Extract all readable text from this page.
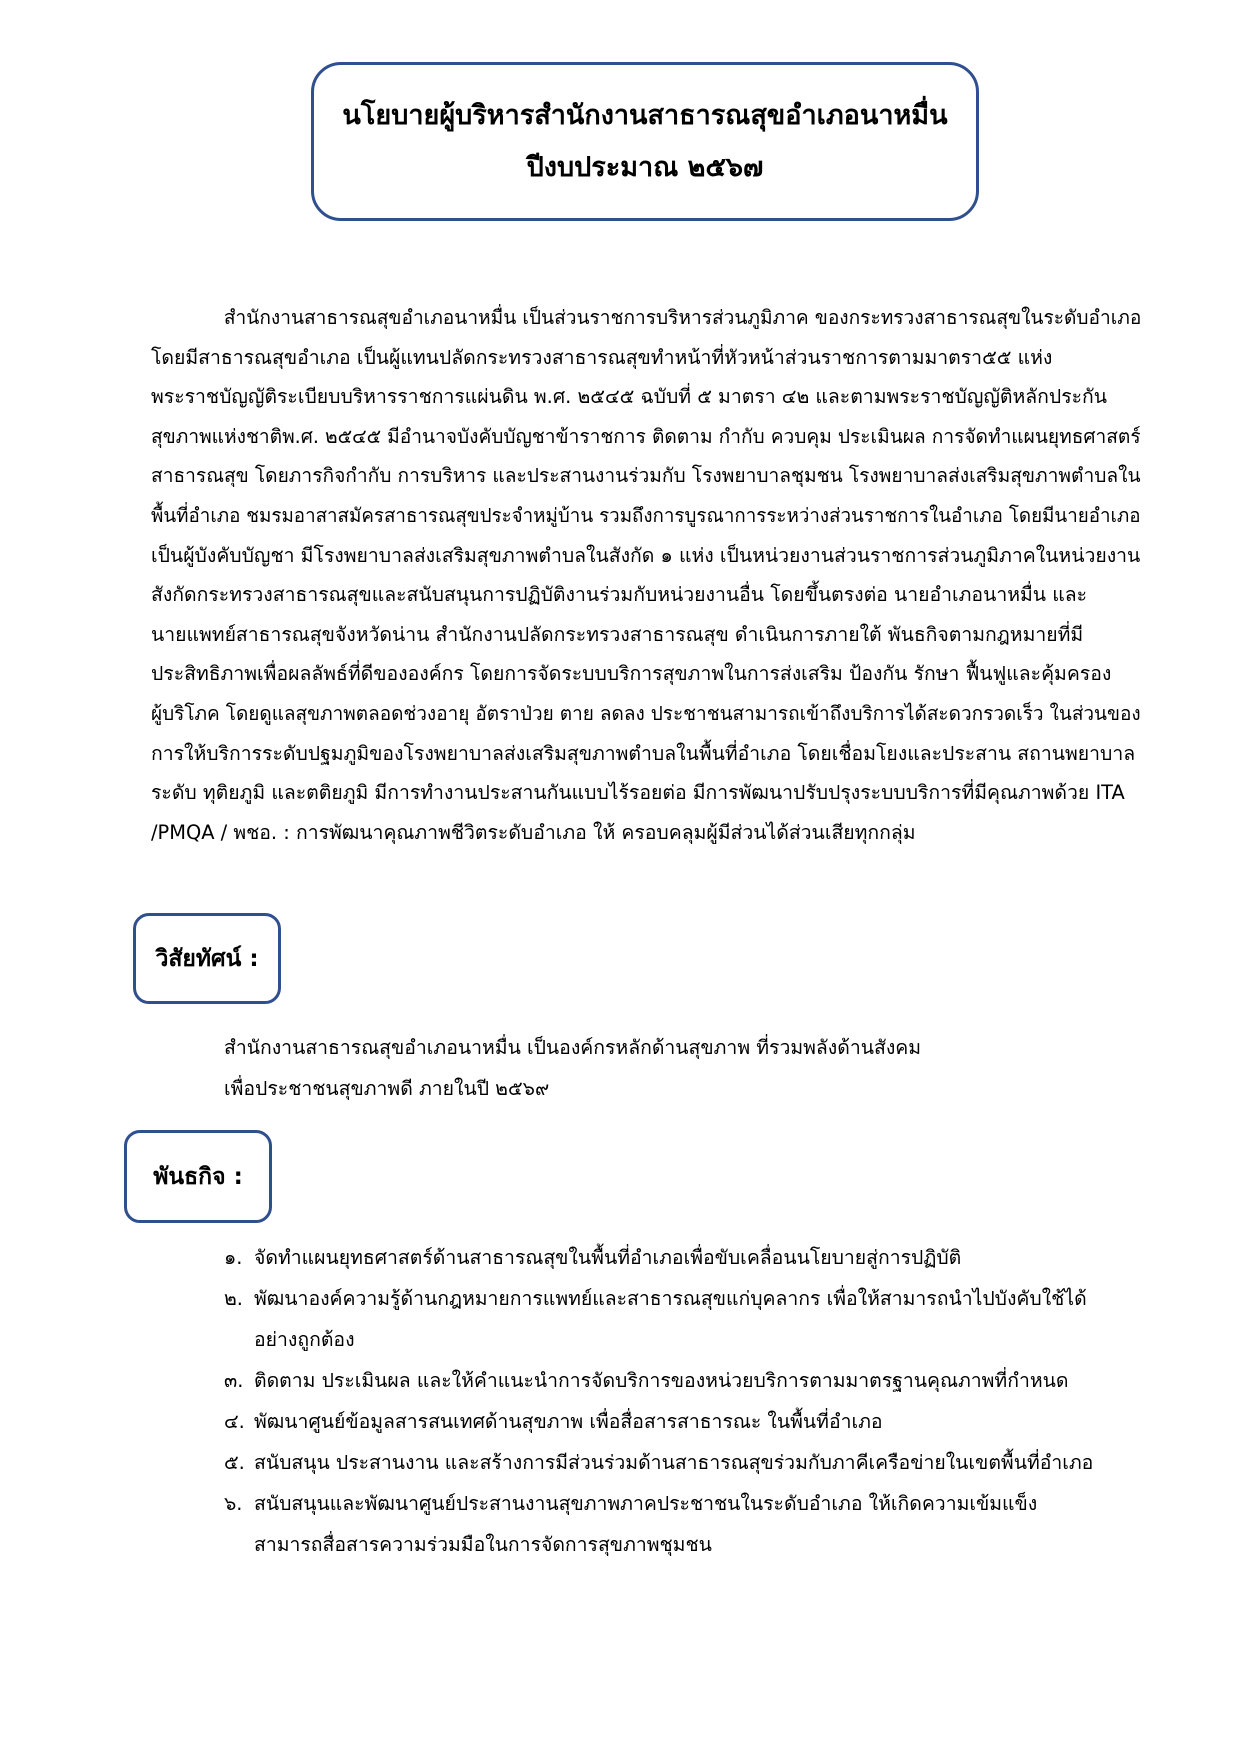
นโยบายผู้บริหารสำนักงานสาธารณสุขอำเภอนาหมื่น
ปีงบประมาณ ๒๕๖๗

สำนักงานสาธารณสุขอำเภอนาหมื่น เป็นส่วนราชการบริหารส่วนภูมิภาค ของกระทรวงสาธารณสุขในระดับอำเภอ
โดยมีสาธารณสุขอำเภอ เป็นผู้แทนปลัดกระทรวงสาธารณสุขทำหน้าที่หัวหน้าส่วนราชการตามมาตรา๕๕ แห่ง
พระราชบัญญัติระเบียบบริหารราชการแผ่นดิน พ.ศ. ๒๕๔๕ ฉบับที่ ๕ มาตรา ๔๒ และตามพระราชบัญญัติหลักประกัน
สุขภาพแห่งชาติพ.ศ. ๒๕๔๕ มีอำนาจบังคับบัญชาข้าราชการ ติดตาม กำกับ ควบคุม ประเมินผล การจัดทำแผนยุทธศาสตร์
สาธารณสุข โดยภารกิจกำกับ การบริหาร และประสานงานร่วมกับ โรงพยาบาลชุมชน โรงพยาบาลส่งเสริมสุขภาพตำบลใน
พื้นที่อำเภอ ชมรมอาสาสมัครสาธารณสุขประจำหมู่บ้าน รวมถึงการบูรณาการระหว่างส่วนราชการในอำเภอ โดยมีนายอำเภอ
เป็นผู้บังคับบัญชา มีโรงพยาบาลส่งเสริมสุขภาพตำบลในสังกัด ๑ แห่ง เป็นหน่วยงานส่วนราชการส่วนภูมิภาคในหน่วยงาน
สังกัดกระทรวงสาธารณสุขและสนับสนุนการปฏิบัติงานร่วมกับหน่วยงานอื่น โดยขึ้นตรงต่อ นายอำเภอนาหมื่น และ
นายแพทย์สาธารณสุขจังหวัดน่าน สำนักงานปลัดกระทรวงสาธารณสุข ดำเนินการภายใต้ พันธกิจตามกฎหมายที่มี
ประสิทธิภาพเพื่อผลลัพธ์ที่ดีขององค์กร โดยการจัดระบบบริการสุขภาพในการส่งเสริม ป้องกัน รักษา ฟื้นฟูและคุ้มครอง
ผู้บริโภค โดยดูแลสุขภาพตลอดช่วงอายุ อัตราป่วย ตาย ลดลง ประชาชนสามารถเข้าถึงบริการได้สะดวกรวดเร็ว ในส่วนของ
การให้บริการระดับปฐมภูมิของโรงพยาบาลส่งเสริมสุขภาพตำบลในพื้นที่อำเภอ โดยเชื่อมโยงและประสาน สถานพยาบาล
ระดับ ทุติยภูมิ และตติยภูมิ มีการทำงานประสานกันแบบไร้รอยต่อ มีการพัฒนาปรับปรุงระบบบริการที่มีคุณภาพด้วย ITA
/PMQA / พชอ. : การพัฒนาคุณภาพชีวิตระดับอำเภอ ให้ ครอบคลุมผู้มีส่วนได้ส่วนเสียทุกกลุ่ม

วิสัยทัศน์ :
สำนักงานสาธารณสุขอำเภอนาหมื่น เป็นองค์กรหลักด้านสุขภาพ ที่รวมพลังด้านสังคม
เพื่อประชาชนสุขภาพดี ภายในปี ๒๕๖๙
พันธกิจ :
๑. จัดทำแผนยุทธศาสตร์ด้านสาธารณสุขในพื้นที่อำเภอเพื่อขับเคลื่อนนโยบายสู่การปฏิบัติ
๒. พัฒนาองค์ความรู้ด้านกฎหมายการแพทย์และสาธารณสุขแก่บุคลากร เพื่อให้สามารถนำไปบังคับใช้ได้
อย่างถูกต้อง
๓. ติดตาม ประเมินผล และให้คำแนะนำการจัดบริการของหน่วยบริการตามมาตรฐานคุณภาพที่กำหนด
๔. พัฒนาศูนย์ข้อมูลสารสนเทศด้านสุขภาพ เพื่อสื่อสารสาธารณะ ในพื้นที่อำเภอ
๕. สนับสนุน ประสานงาน และสร้างการมีส่วนร่วมด้านสาธารณสุขร่วมกับภาคีเครือข่ายในเขตพื้นที่อำเภอ
๖. สนับสนุนและพัฒนาศูนย์ประสานงานสุขภาพภาคประชาชนในระดับอำเภอ ให้เกิดความเข้มแข็ง
สามารถสื่อสารความร่วมมือในการจัดการสุขภาพชุมชน
